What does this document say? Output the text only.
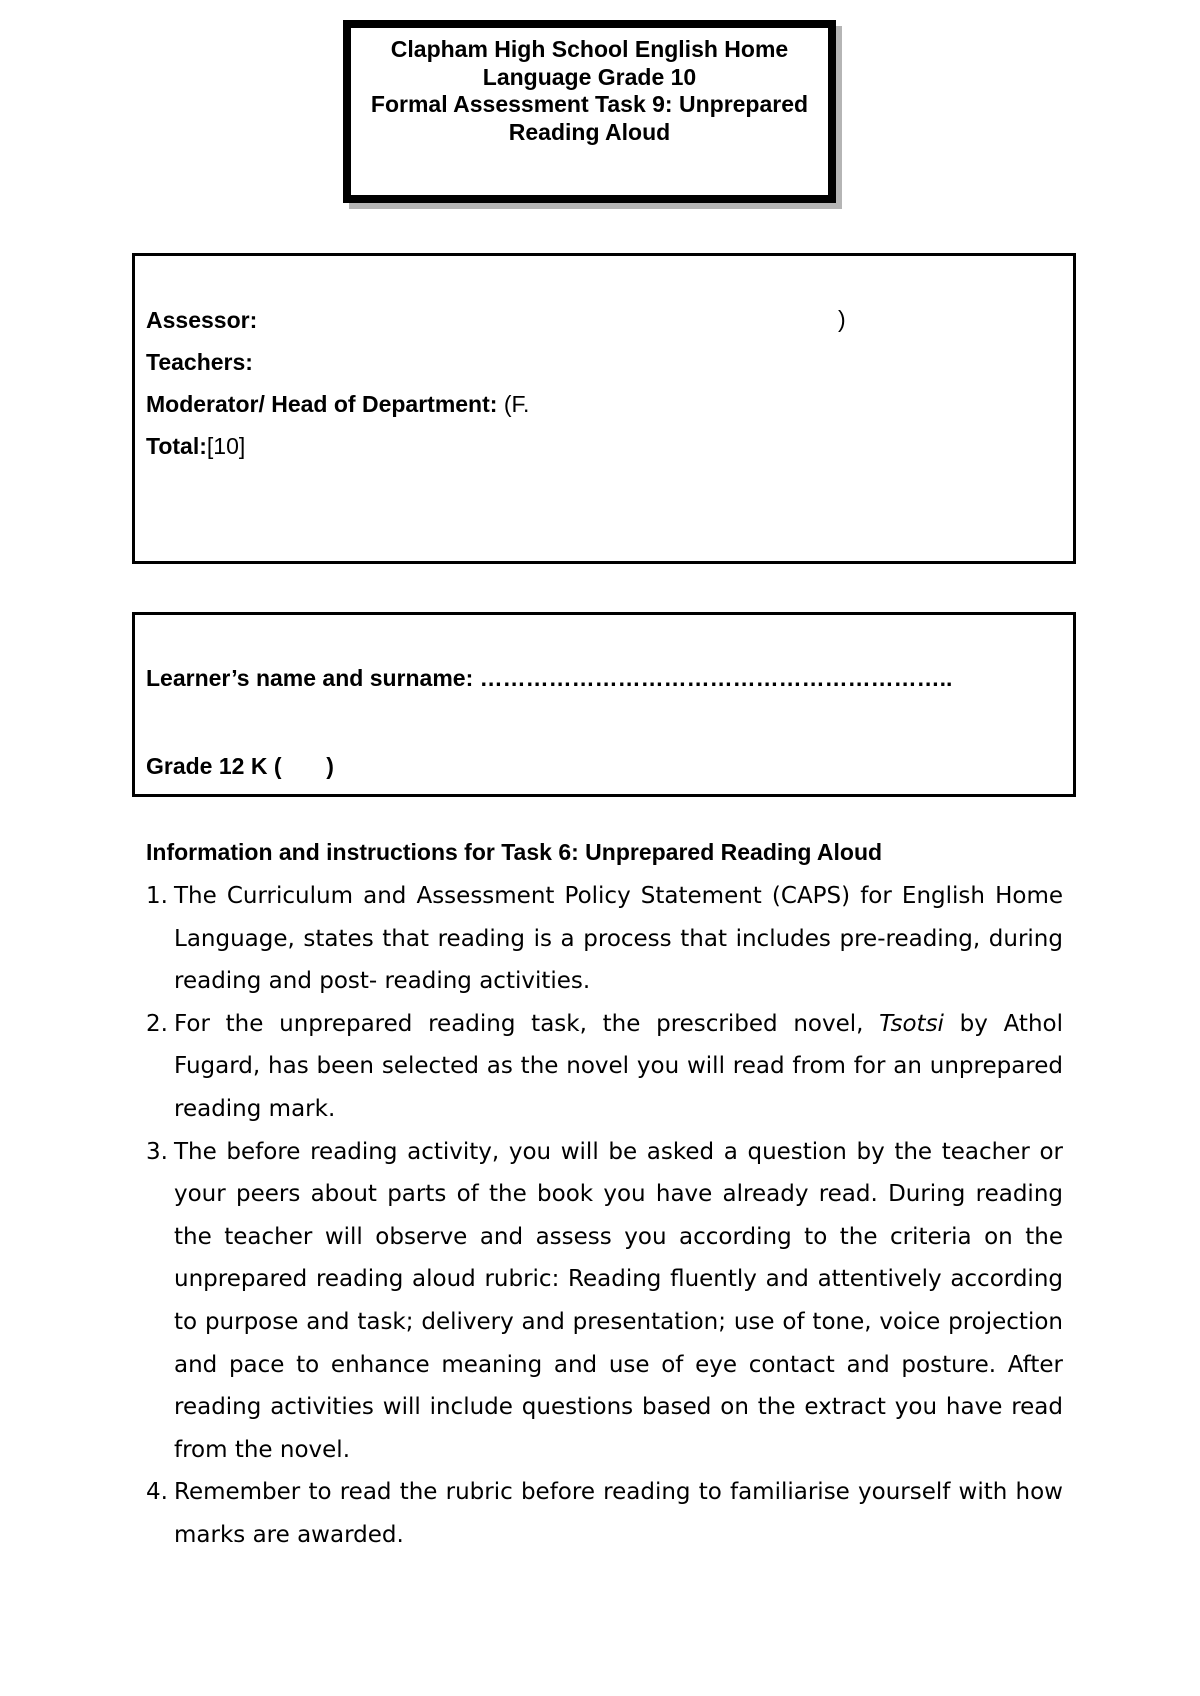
Clapham High School English Home
Language Grade 10
Formal Assessment Task 9: Unprepared
Reading Aloud
Assessor:	)
Teachers:
Moderator/ Head of Department: (F.
Total:[10]
Learner’s name and surname: ……………………………………………………..
Grade 12 K (       )
Information and instructions for Task 6: Unprepared Reading Aloud
1. The Curriculum and Assessment Policy Statement (CAPS) for English Home Language, states that reading is a process that includes pre-reading, during reading and post- reading activities.

2. For the unprepared reading task, the prescribed novel, Tsotsi by Athol Fugard, has been selected as the novel you will read from for an unprepared reading mark.

3. The before reading activity, you will be asked a question by the teacher or your peers about parts of the book you have already read. During reading the teacher will observe and assess you according to the criteria on the unprepared reading aloud rubric: Reading fluently and attentively according to purpose and task; delivery and presentation; use of tone, voice projection and pace to enhance meaning and use of eye contact and posture. After reading activities will include questions based on the extract you have read from the novel.

4. Remember to read the rubric before reading to familiarise yourself with how marks are awarded.
